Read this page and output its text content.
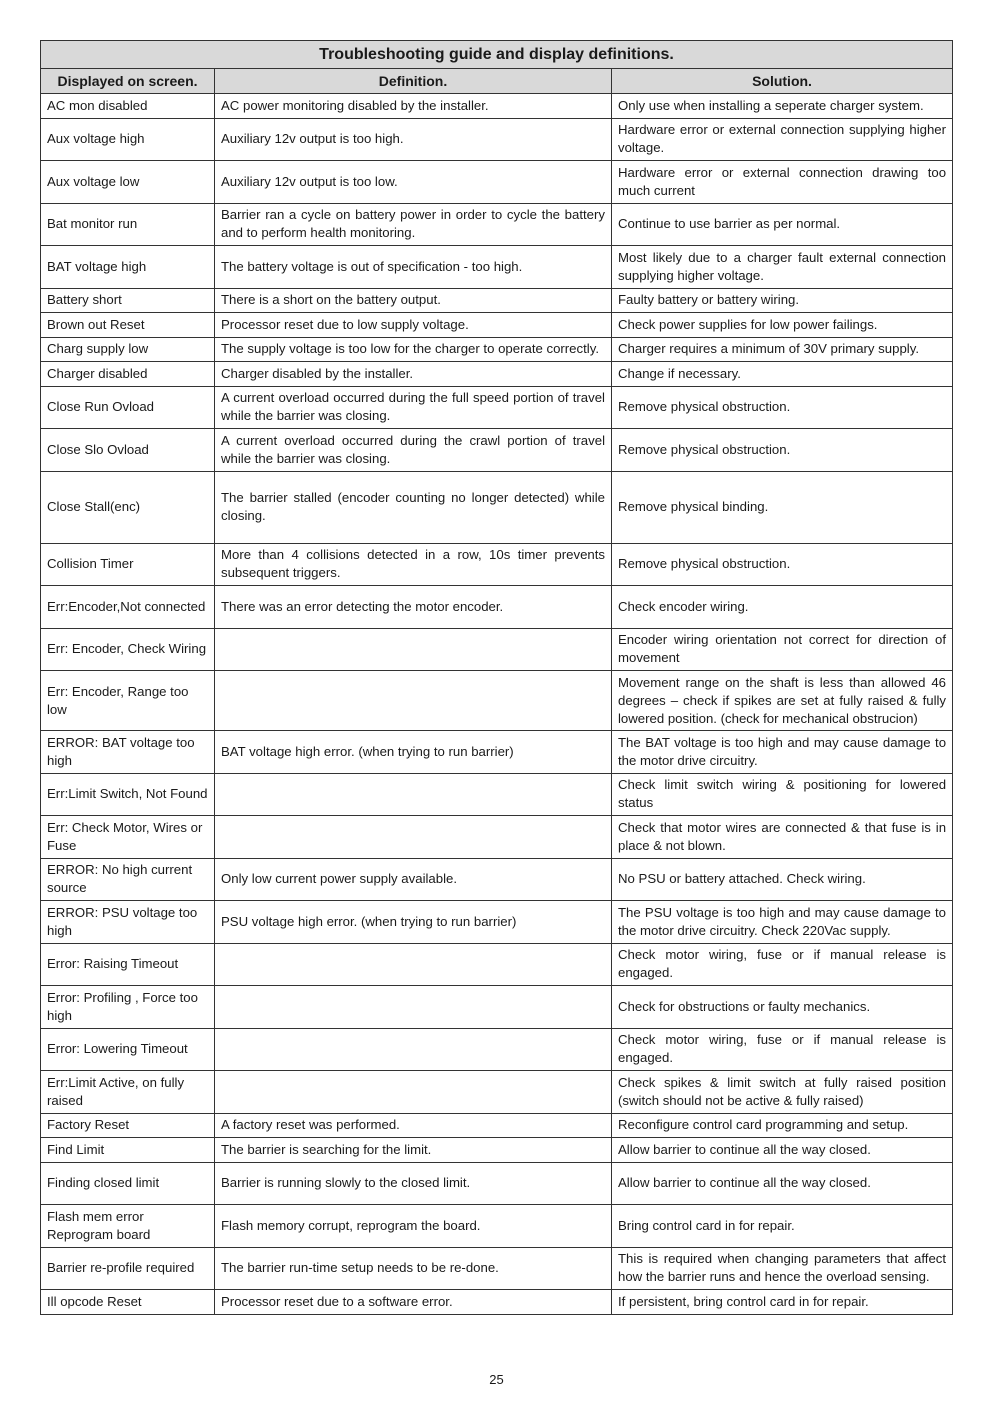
Troubleshooting guide and display definitions.		
Displayed on screen.	Definition.	Solution.
AC mon disabled	AC power monitoring disabled by the installer.	Only use when installing a seperate charger system.
Aux voltage high	Auxiliary 12v output is too high.	Hardware error or external connection supplying higher voltage.
Aux voltage low	Auxiliary 12v output is too low.	Hardware error or external connection drawing too much current
Bat monitor run	Barrier ran a cycle on battery power in order to cycle the battery and to perform health monitoring.	Continue to use barrier as per normal.
BAT voltage high	The battery voltage is out of specification - too high.	Most likely due to a charger fault external connection supplying higher voltage.
Battery short	There is a short on the battery output.	Faulty battery or battery wiring.
Brown out Reset	Processor reset due to low supply voltage.	Check power supplies for low power failings.
Charg supply low	The supply voltage is too low for the charger to operate correctly.	Charger requires a minimum of 30V primary supply.
Charger disabled	Charger disabled by the installer.	Change if necessary.
Close Run Ovload	A current overload occurred during the full speed portion of travel while the barrier was closing.	Remove physical obstruction.
Close Slo Ovload	A current overload occurred during the crawl portion of travel while the barrier was closing.	Remove physical obstruction.
Close Stall(enc)	The barrier stalled (encoder counting no longer detected) while closing.	Remove physical binding.
Collision Timer	More than 4 collisions detected in a row, 10s timer prevents subsequent triggers.	Remove physical obstruction.
Err:Encoder,Not connected	There was an error detecting the motor encoder.	Check encoder wiring.
Err: Encoder, Check Wiring		Encoder wiring orientation not correct for direction of movement
Err: Encoder, Range too low		Movement range on the shaft is less than allowed 46 degrees – check if spikes are set at fully raised & fully lowered position. (check for mechanical obstrucion)
ERROR: BAT voltage too high	BAT voltage high error. (when trying to run barrier)	The BAT voltage is too high and may cause damage to the motor drive circuitry.
Err:Limit Switch, Not Found		Check limit switch wiring & positioning for lowered status
Err: Check Motor, Wires or Fuse		Check that motor wires are connected & that fuse is in place & not blown.
ERROR: No high current source	Only low current power supply available.	No PSU or battery attached. Check wiring.
ERROR: PSU voltage too high	PSU voltage high error. (when trying to run barrier)	The PSU voltage is too high and may cause damage to the motor drive circuitry. Check 220Vac supply.
Error: Raising Timeout		Check motor wiring, fuse or if manual release is engaged.
Error: Profiling , Force too high		Check for obstructions or faulty mechanics.
Error: Lowering Timeout		Check motor wiring, fuse or if manual release is engaged.
Err:Limit Active, on fully raised		Check spikes & limit switch at fully raised position (switch should not be active & fully raised)
Factory Reset	A factory reset was performed.	Reconfigure control card programming and setup.
Find Limit	The barrier is searching for the limit.	Allow barrier to continue all the way closed.
Finding closed limit	Barrier is running slowly to the closed limit.	Allow barrier to continue all the way closed.
Flash mem error Reprogram board	Flash memory corrupt, reprogram the board.	Bring control card in for repair.
Barrier re-profile required	The barrier run-time setup needs to be re-done.	This is required when changing parameters that affect how the barrier runs and hence the overload sensing.
Ill opcode Reset	Processor reset due to a software error.	If persistent, bring control card in for repair.
25
